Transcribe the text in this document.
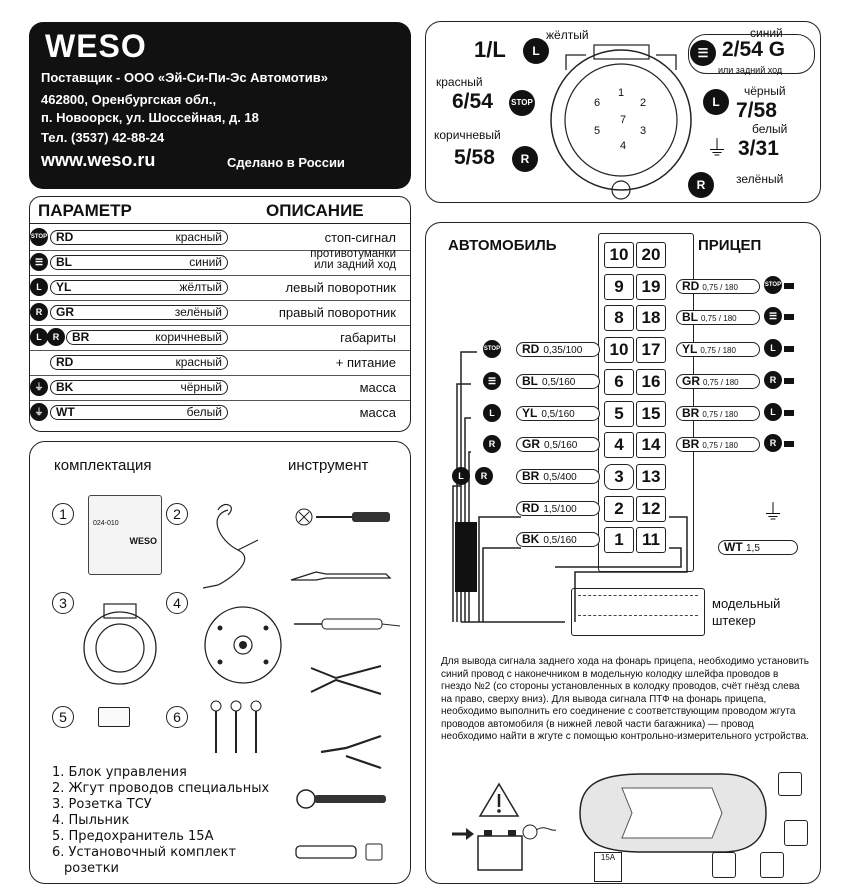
WESO
Поставщик - ООО «Эй-Си-Пи-Эс Автомотив»
462800, Оренбургская обл.,
п. Новоорск, ул. Шоссейная, д. 18
Тел. (3537) 42-88-24
www.weso.ru	Сделано в России
1
2
3
4
5
6
7
жёлтый
1/L	L
синий
☰ 2/54 G
или задний ход
красный
6/54 STOP
чёрный
L 7/58
белый
⏚ 3/31
коричневый
5/58	R
R	зелёный
ПАРАМЕТР	ОПИСАНИЕ
STOP RD	красный	стоп-сигнал
☰	BL	синий
противотуманки
или задний ход
L	YL	жёлтый	левый поворотник
R	GR	зелёный	правый поворотник
L	R	BR	коричневый	габариты
RD	красный	+ питание
⏚	BK	чёрный	масса
⏚	WT	белый	масса
комплектация	инструмент
1	2
3	4
5	6
WESO
024-010
1. Блок управления
2. Жгут проводов специальных
3. Розетка ТСУ
4. Пыльник
5. Предохранитель 15А
6. Установочный комплект
розетки
АВТОМОБИЛЬ	ПРИЦЕП
10 20
9	19
8	18
10 17
6	16
5	15
4	14
3	13
2	12
1	11
RD 0,35/100
STOP
BL 0,5/160
☰
YL 0,5/160
L
GR 0,5/160
R
BR 0,5/400
L	R
RD 1,5/100
BK 0,5/160
RD 0,75 / 180	STOP
BL 0,75 / 180	☰
YL 0,75 / 180	L
GR 0,75 / 180	R
BR 0,75 / 180	L
BR 0,75 / 180	R
⏚
WT 1,5
модельный
штекер
Для вывода сигнала заднего хода на фонарь прицепа, необходимо установить синий провод с наконечником в модельную колодку шлейфа проводов в гнездо №2 (со стороны установленных в колодку проводов, счёт гнёзд слева на право, сверху вниз). Для вывода сигнала ПТФ на фонарь прицепа, необходимо выполнить его соединение с соответствующим проводом жгута проводов автомобиля (в нижней левой части багажника) — провод необходимо найти в жгуте с помощью контрольно-измерительного устройства.
15A
